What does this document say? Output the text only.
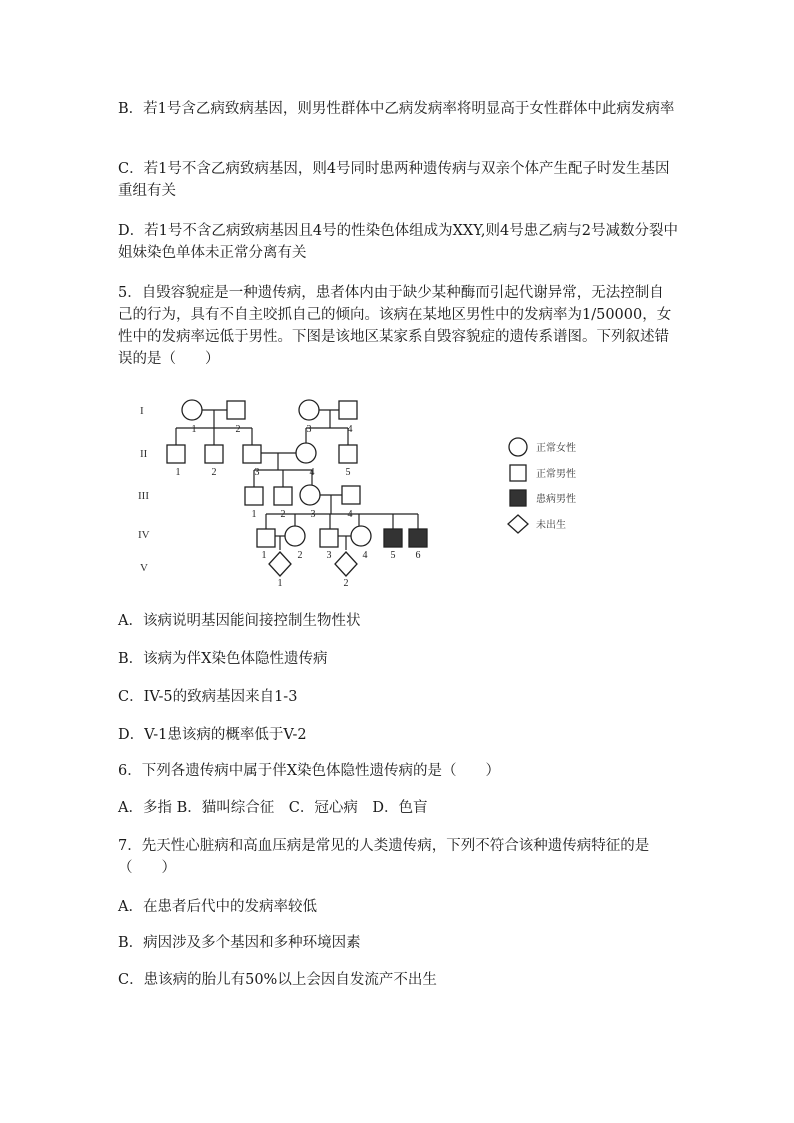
B．若1号含乙病致病基因，则男性群体中乙病发病率将明显高于女性群体中此病发病率

C．若1号不含乙病致病基因，则4号同时患两种遗传病与双亲个体产生配子时发生基因重组有关

D．若1号不含乙病致病基因且4号的性染色体组成为XXY,则4号患乙病与2号减数分裂中姐妹染色单体未正常分离有关

5．自毁容貌症是一种遗传病，患者体内由于缺少某种酶而引起代谢异常，无法控制自己的行为，具有不自主咬抓自己的倾向。该病在某地区男性中的发病率为1/50000，女性中的发病率远低于男性。下图是该地区某家系自毁容貌症的遗传系谱图。下列叙述错误的是（　　）

I
II
III
IV
V
1	2	3	4
1	2	3	4	5
1 2	3	4
1	2 3	4 5 6
1	2
正常女性
正常男性
患病男性
未出生

A．该病说明基因能间接控制生物性状

B．该病为伴X染色体隐性遗传病

C．IV-5的致病基因来自1-3

D．V-1患该病的概率低于V-2

6．下列各遗传病中属于伴X染色体隐性遗传病的是（　　）

A．多指 B．猫叫综合征　C．冠心病　D．色盲

7．先天性心脏病和高血压病是常见的人类遗传病，下列不符合该种遗传病特征的是（　　）

A．在患者后代中的发病率较低

B．病因涉及多个基因和多种环境因素

C．患该病的胎儿有50%以上会因自发流产不出生
